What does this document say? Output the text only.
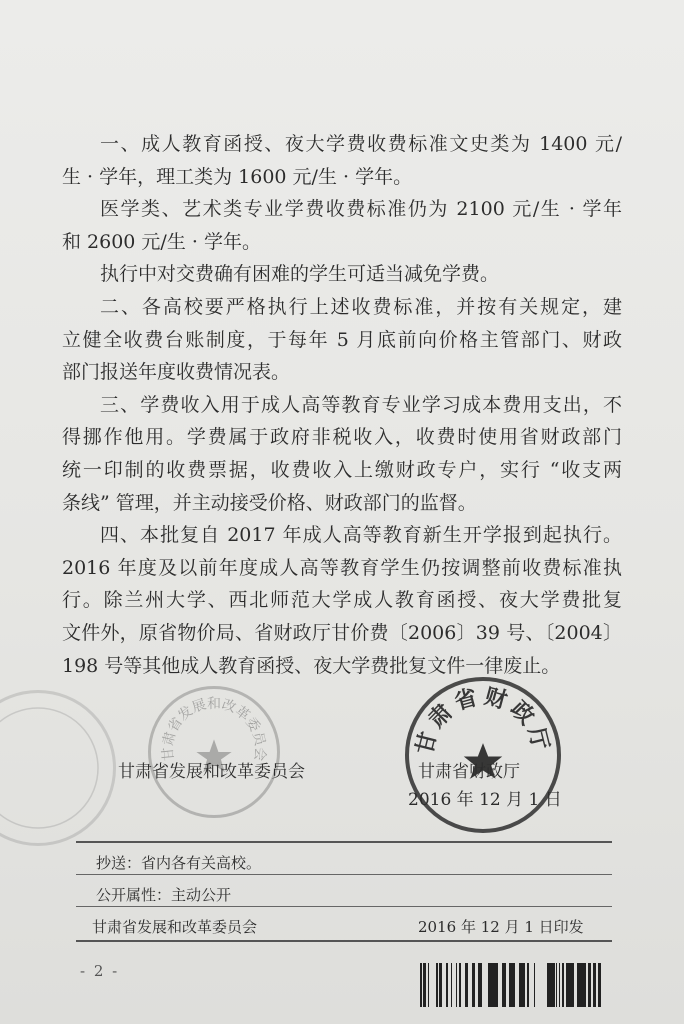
一、成人教育函授、夜大学费收费标准文史类为 1400 元/
生 · 学年，理工类为 1600 元/生 · 学年。

医学类、艺术类专业学费收费标准仍为 2100 元/生 · 学年
和 2600 元/生 · 学年。

执行中对交费确有困难的学生可适当减免学费。

二、各高校要严格执行上述收费标准，并按有关规定，建
立健全收费台账制度，于每年 5 月底前向价格主管部门、财政
部门报送年度收费情况表。

三、学费收入用于成人高等教育专业学习成本费用支出，不
得挪作他用。学费属于政府非税收入，收费时使用省财政部门
统一印制的收费票据，收费收入上缴财政专户，实行 “收支两
条线” 管理，并主动接受价格、财政部门的监督。

四、本批复自 2017 年成人高等教育新生开学报到起执行。
2016 年度及以前年度成人高等教育学生仍按调整前收费标准执
行。除兰州大学、西北师范大学成人教育函授、夜大学费批复
文件外，原省物价局、省财政厅甘价费〔2006〕39 号、〔2004〕
198 号等其他成人教育函授、夜大学费批复文件一律废止。

甘肃省发展和改革委员会	甘肃省财政厅
甘肃省发展和改革委员会	甘肃省财政厅
2016 年 12 月 1 日
抄送：省内各有关高校。
公开属性：主动公开
甘肃省发展和改革委员会	2016 年 12 月 1 日印发
- 2 -
